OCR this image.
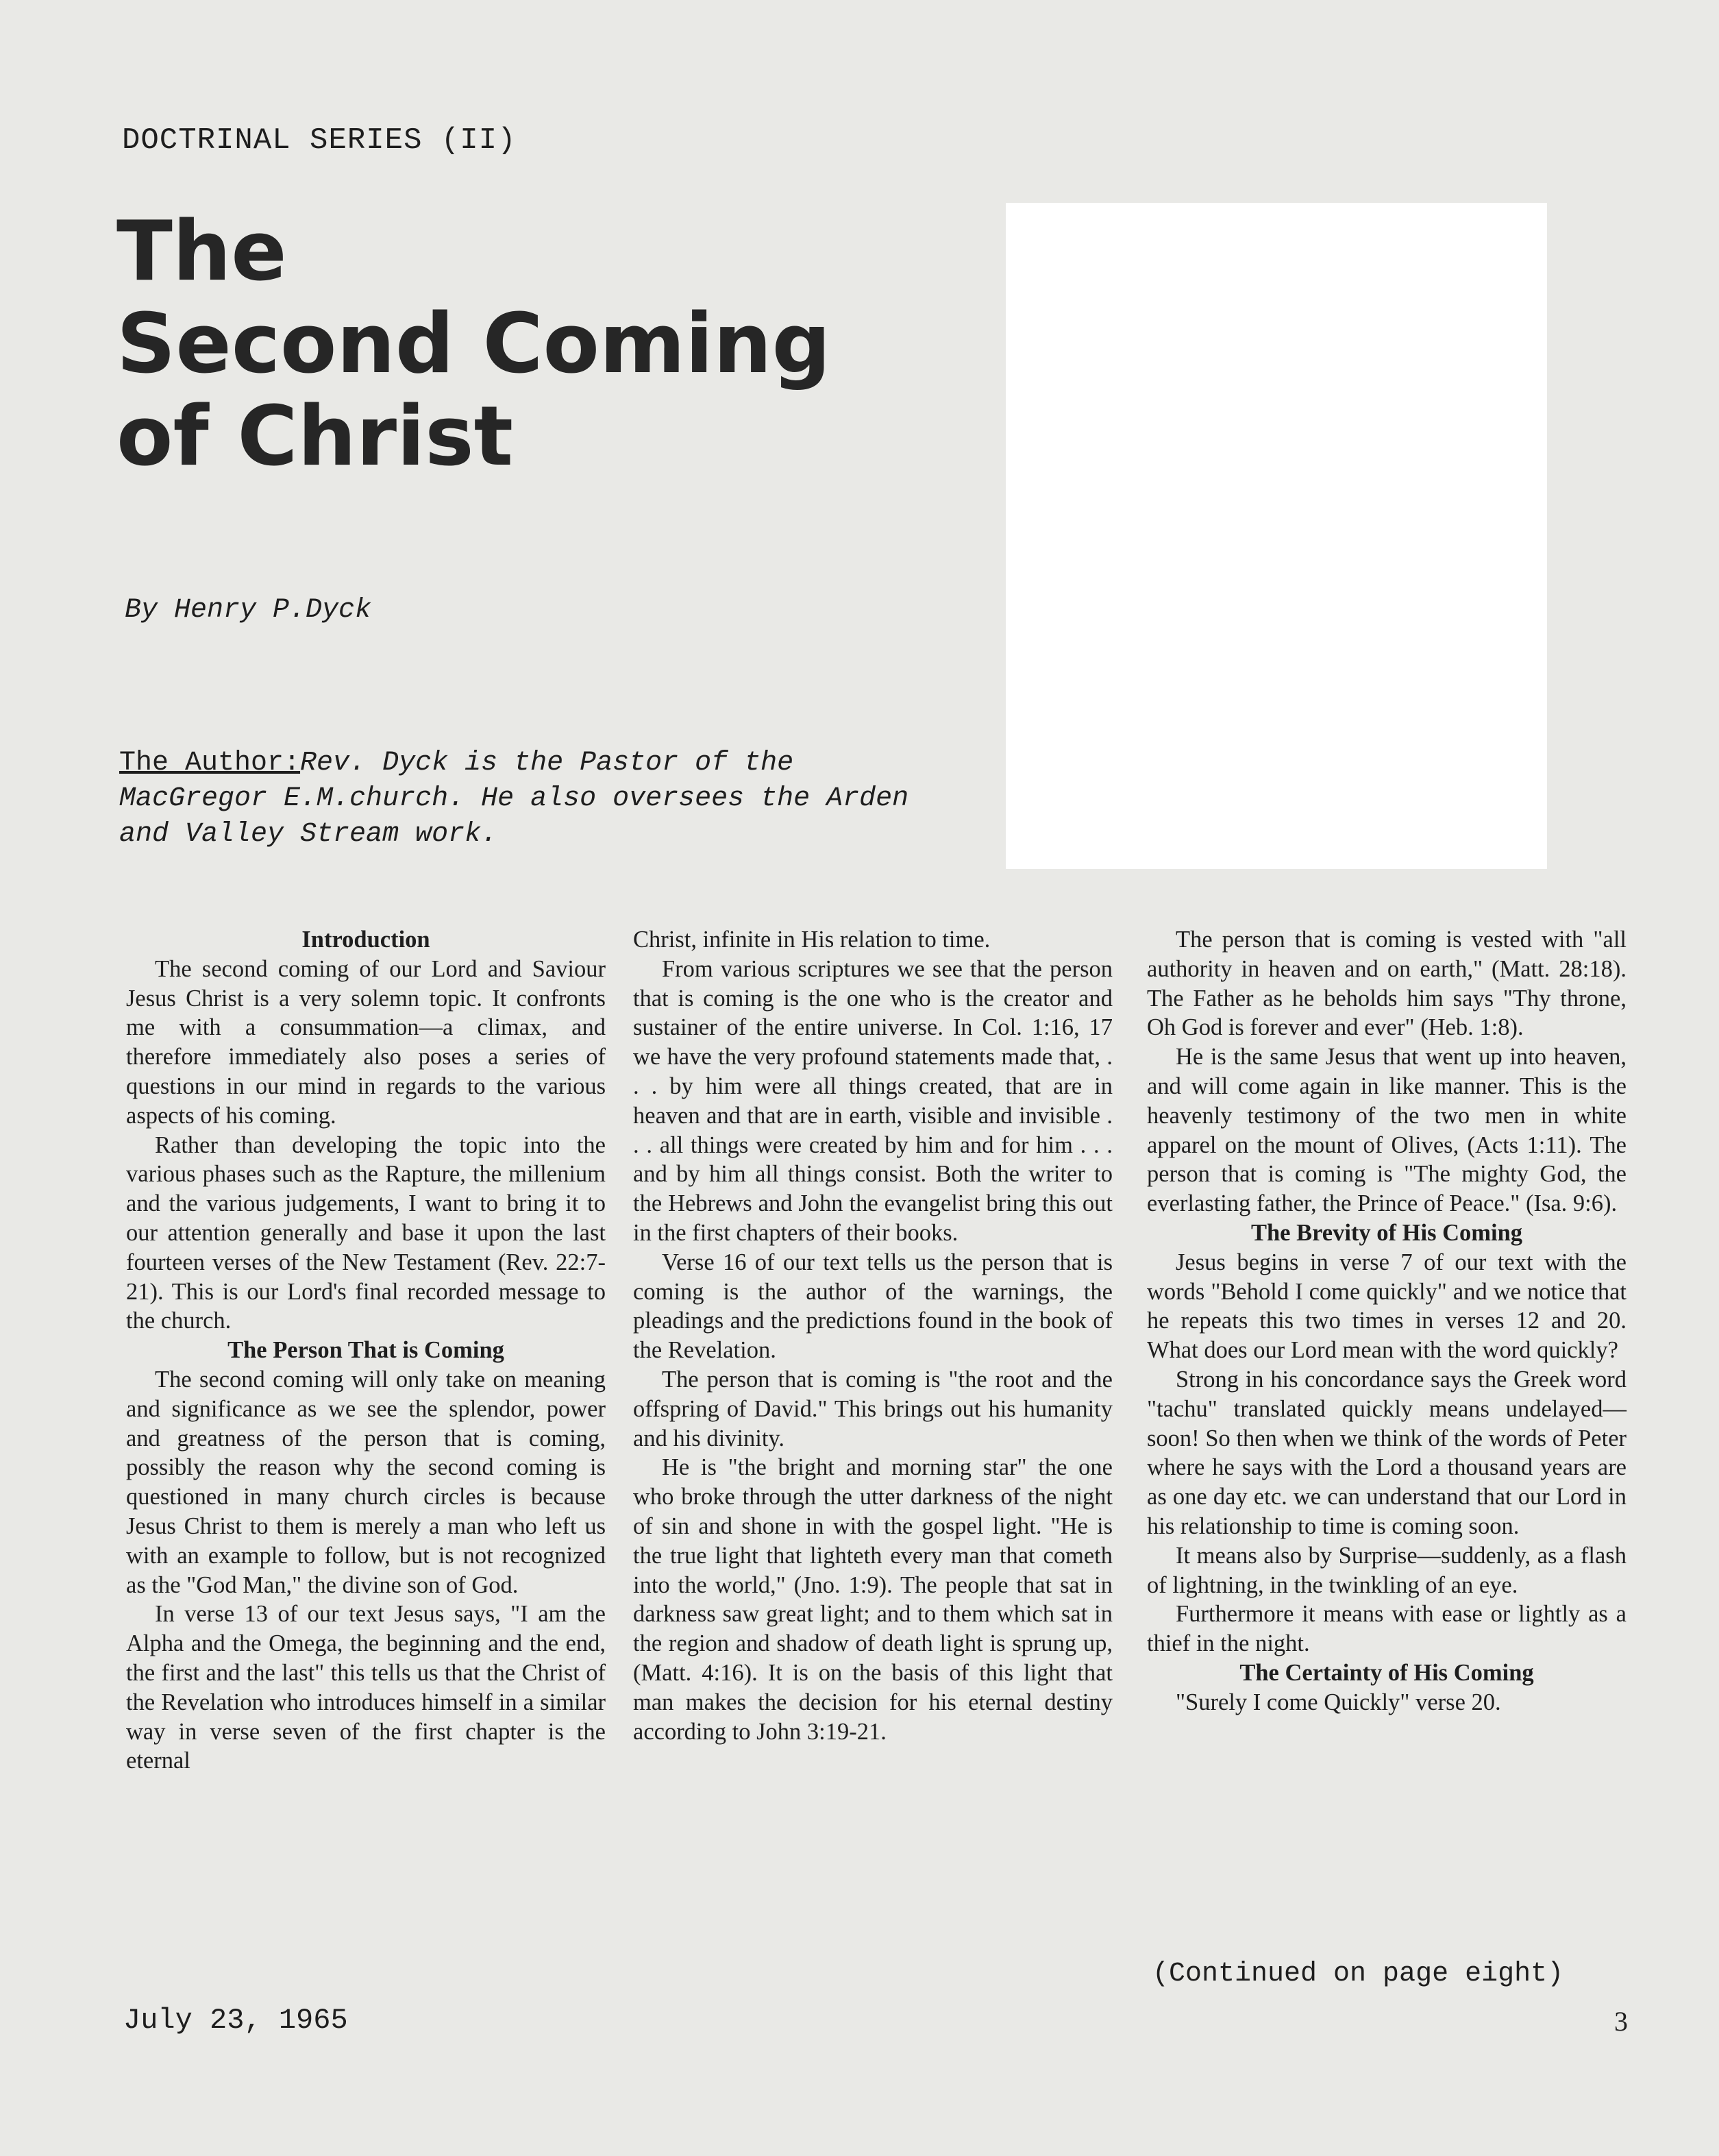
DOCTRINAL SERIES (II)
The
Second Coming
of Christ
By Henry P.Dyck
The Author:Rev. Dyck is the Pastor of the MacGregor E.M.church. He also oversees the Arden and Valley Stream work.
Introduction

The second coming of our Lord and Saviour Jesus Christ is a very solemn topic. It confronts me with a consummation—a climax, and therefore immediately also poses a series of questions in our mind in regards to the various aspects of his coming.

Rather than developing the topic into the various phases such as the Rapture, the millenium and the various judgements, I want to bring it to our attention generally and base it upon the last fourteen verses of the New Testament (Rev. 22:7-21). This is our Lord's final recorded message to the church.

The Person That is Coming

The second coming will only take on meaning and significance as we see the splendor, power and greatness of the person that is coming, possibly the reason why the second coming is questioned in many church circles is because Jesus Christ to them is merely a man who left us with an example to follow, but is not recognized as the "God Man," the divine son of God.

In verse 13 of our text Jesus says, "I am the Alpha and the Omega, the beginning and the end, the first and the last" this tells us that the Christ of the Revelation who introduces himself in a similar way in verse seven of the first chapter is the eternal

Christ, infinite in His relation to time.

From various scriptures we see that the person that is coming is the one who is the creator and sustainer of the entire universe. In Col. 1:16, 17 we have the very profound statements made that, . . . by him were all things created, that are in heaven and that are in earth, visible and invisible . . . all things were created by him and for him . . . and by him all things consist. Both the writer to the Hebrews and John the evangelist bring this out in the first chapters of their books.

Verse 16 of our text tells us the person that is coming is the author of the warnings, the pleadings and the predictions found in the book of the Revelation.

The person that is coming is "the root and the offspring of David." This brings out his humanity and his divinity.

He is "the bright and morning star" the one who broke through the utter darkness of the night of sin and shone in with the gospel light. "He is the true light that lighteth every man that cometh into the world," (Jno. 1:9). The people that sat in darkness saw great light; and to them which sat in the region and shadow of death light is sprung up, (Matt. 4:16). It is on the basis of this light that man makes the decision for his eternal destiny according to John 3:19-21.

The person that is coming is vested with "all authority in heaven and on earth," (Matt. 28:18). The Father as he beholds him says "Thy throne, Oh God is forever and ever" (Heb. 1:8).

He is the same Jesus that went up into heaven, and will come again in like manner. This is the heavenly testimony of the two men in white apparel on the mount of Olives, (Acts 1:11). The person that is coming is "The mighty God, the everlasting father, the Prince of Peace." (Isa. 9:6).

The Brevity of His Coming

Jesus begins in verse 7 of our text with the words "Behold I come quickly" and we notice that he repeats this two times in verses 12 and 20. What does our Lord mean with the word quickly?

Strong in his concordance says the Greek word "tachu" translated quickly means undelayed—soon! So then when we think of the words of Peter where he says with the Lord a thousand years are as one day etc. we can understand that our Lord in his relationship to time is coming soon.

It means also by Surprise—suddenly, as a flash of lightning, in the twinkling of an eye.

Furthermore it means with ease or lightly as a thief in the night.

The Certainty of His Coming

"Surely I come Quickly" verse 20.

(Continued on page eight)
July 23, 1965	3
